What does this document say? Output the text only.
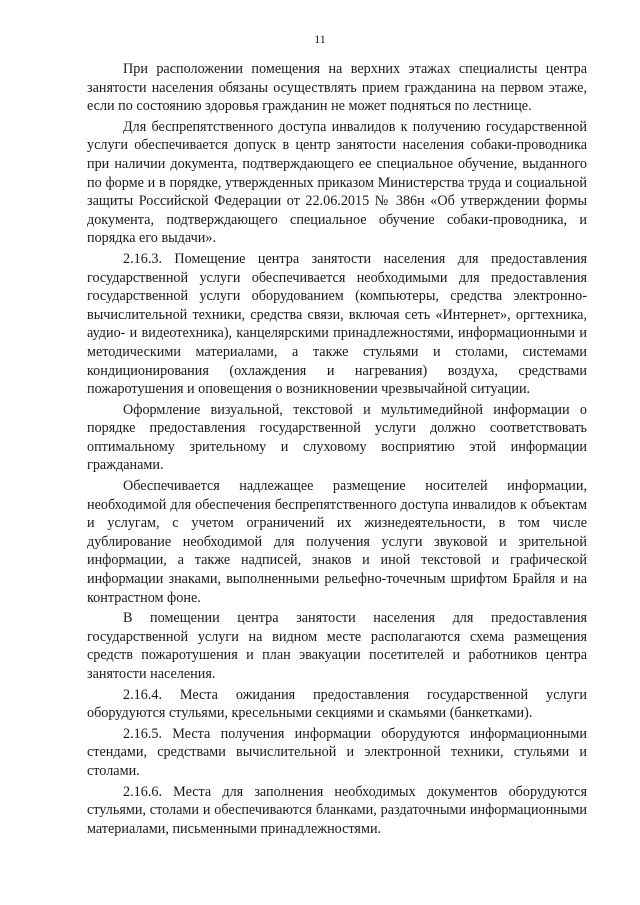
11

При расположении помещения на верхних этажах специалисты центра занятости населения обязаны осуществлять прием гражданина на первом этаже, если по состоянию здоровья гражданин не может подняться по лестнице.

Для беспрепятственного доступа инвалидов к получению государственной услуги обеспечивается допуск в центр занятости населения собаки-проводника при наличии документа, подтверждающего ее специальное обучение, выданного по форме и в порядке, утвержденных приказом Министерства труда и социальной защиты Российской Федерации от 22.06.2015 № 386н «Об утверждении формы документа, подтверждающего специальное обучение собаки-проводника, и порядка его выдачи».

2.16.3. Помещение центра занятости населения для предоставления государственной услуги обеспечивается необходимыми для предоставления государственной услуги оборудованием (компьютеры, средства электронно-вычислительной техники, средства связи, включая сеть «Интернет», оргтехника, аудио- и видеотехника), канцелярскими принадлежностями, информационными и методическими материалами, а также стульями и столами, системами кондиционирования (охлаждения и нагревания) воздуха, средствами пожаротушения и оповещения о возникновении чрезвычайной ситуации.

Оформление визуальной, текстовой и мультимедийной информации о порядке предоставления государственной услуги должно соответствовать оптимальному зрительному и слуховому восприятию этой информации гражданами.

Обеспечивается надлежащее размещение носителей информации, необходимой для обеспечения беспрепятственного доступа инвалидов к объектам и услугам, с учетом ограничений их жизнедеятельности, в том числе дублирование необходимой для получения услуги звуковой и зрительной информации, а также надписей, знаков и иной текстовой и графической информации знаками, выполненными рельефно-точечным шрифтом Брайля и на контрастном фоне.

В помещении центра занятости населения для предоставления государственной услуги на видном месте располагаются схема размещения средств пожаротушения и план эвакуации посетителей и работников центра занятости населения.

2.16.4. Места ожидания предоставления государственной услуги оборудуются стульями, кресельными секциями и скамьями (банкетками).

2.16.5. Места получения информации оборудуются информационными стендами, средствами вычислительной и электронной техники, стульями и столами.

2.16.6. Места для заполнения необходимых документов оборудуются стульями, столами и обеспечиваются бланками, раздаточными информационными материалами, письменными принадлежностями.
